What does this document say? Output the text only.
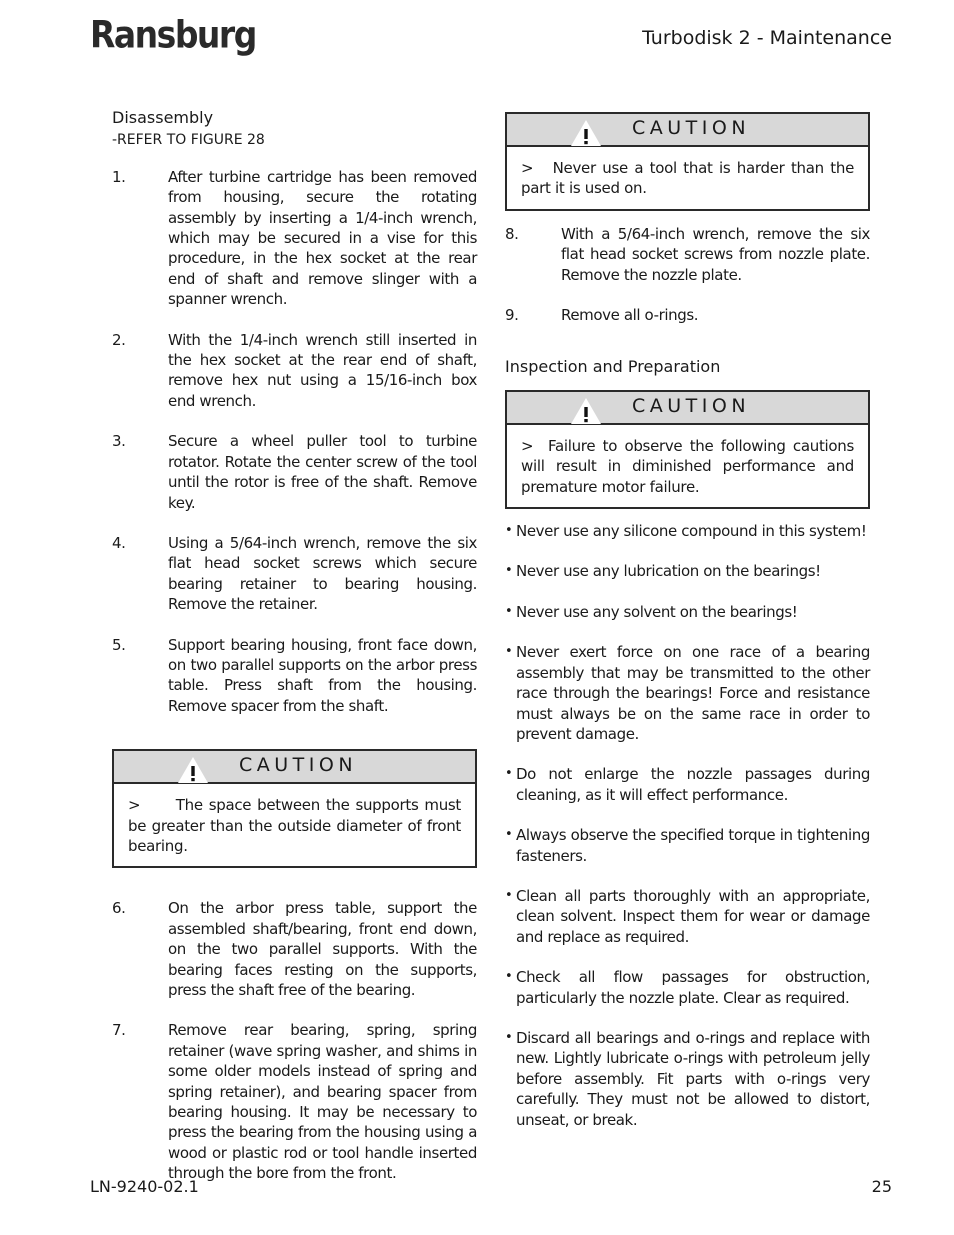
Ransburg	Turbodisk 2 - Maintenance

Disassembly

-REFER TO FIGURE 28

1.	After turbine cartridge has been removed from housing, secure the rotating assembly by inserting a 1/4-inch wrench, which may be secured in a vise for this procedure, in the hex socket at the rear end of shaft and remove slinger with a spanner wrench.
2.	With the 1/4-inch wrench still inserted in the hex socket at the rear end of shaft, remove hex nut using a 15/16-inch box end wrench.
3.	Secure a wheel puller tool to turbine rotator. Rotate the center screw of the tool until the rotor is free of the shaft. Remove key.
4.	Using a 5/64-inch wrench, remove the six flat head socket screws which secure bearing retainer to bearing housing. Remove the retainer.
5.	Support bearing housing, front face down, on two parallel supports on the arbor press table. Press shaft from the housing. Remove spacer from the shaft.
CAUTION
> The space between the supports must be greater than the outside diameter of front bearing.
6.	On the arbor press table, support the assembled shaft/bearing, front end down, on the two parallel supports. With the bearing faces resting on the supports, press the shaft free of the bearing.
7.	Remove rear bearing, spring, spring retainer (wave spring washer, and shims in some older models instead of spring and spring retainer), and bearing spacer from bearing housing. It may be necessary to press the bearing from the housing using a wood or plastic rod or tool handle inserted through the bore from the front.
CAUTION
> Never use a tool that is harder than the part it is used on.
8.	With a 5/64-inch wrench, remove the six flat head socket screws from nozzle plate. Remove the nozzle plate.
9.	Remove all o-rings.

Inspection and Preparation

CAUTION
> Failure to observe the following cautions will result in diminished performance and premature motor failure.
• Never use any silicone compound in this system!
• Never use any lubrication on the bearings!
• Never use any solvent on the bearings!
• Never exert force on one race of a bearing assembly that may be transmitted to the other race through the bearings! Force and resistance must always be on the same race in order to prevent damage.
• Do not enlarge the nozzle passages during cleaning, as it will effect performance.
• Always observe the specified torque in tightening fasteners.
• Clean all parts thoroughly with an appropriate, clean solvent. Inspect them for wear or damage and replace as required.
• Check all flow passages for obstruction, particularly the nozzle plate. Clear as required.
• Discard all bearings and o-rings and replace with new. Lightly lubricate o-rings with petroleum jelly before assembly. Fit parts with o-rings very carefully. They must not be allowed to distort, unseat, or break.
LN-9240-02.1	25
